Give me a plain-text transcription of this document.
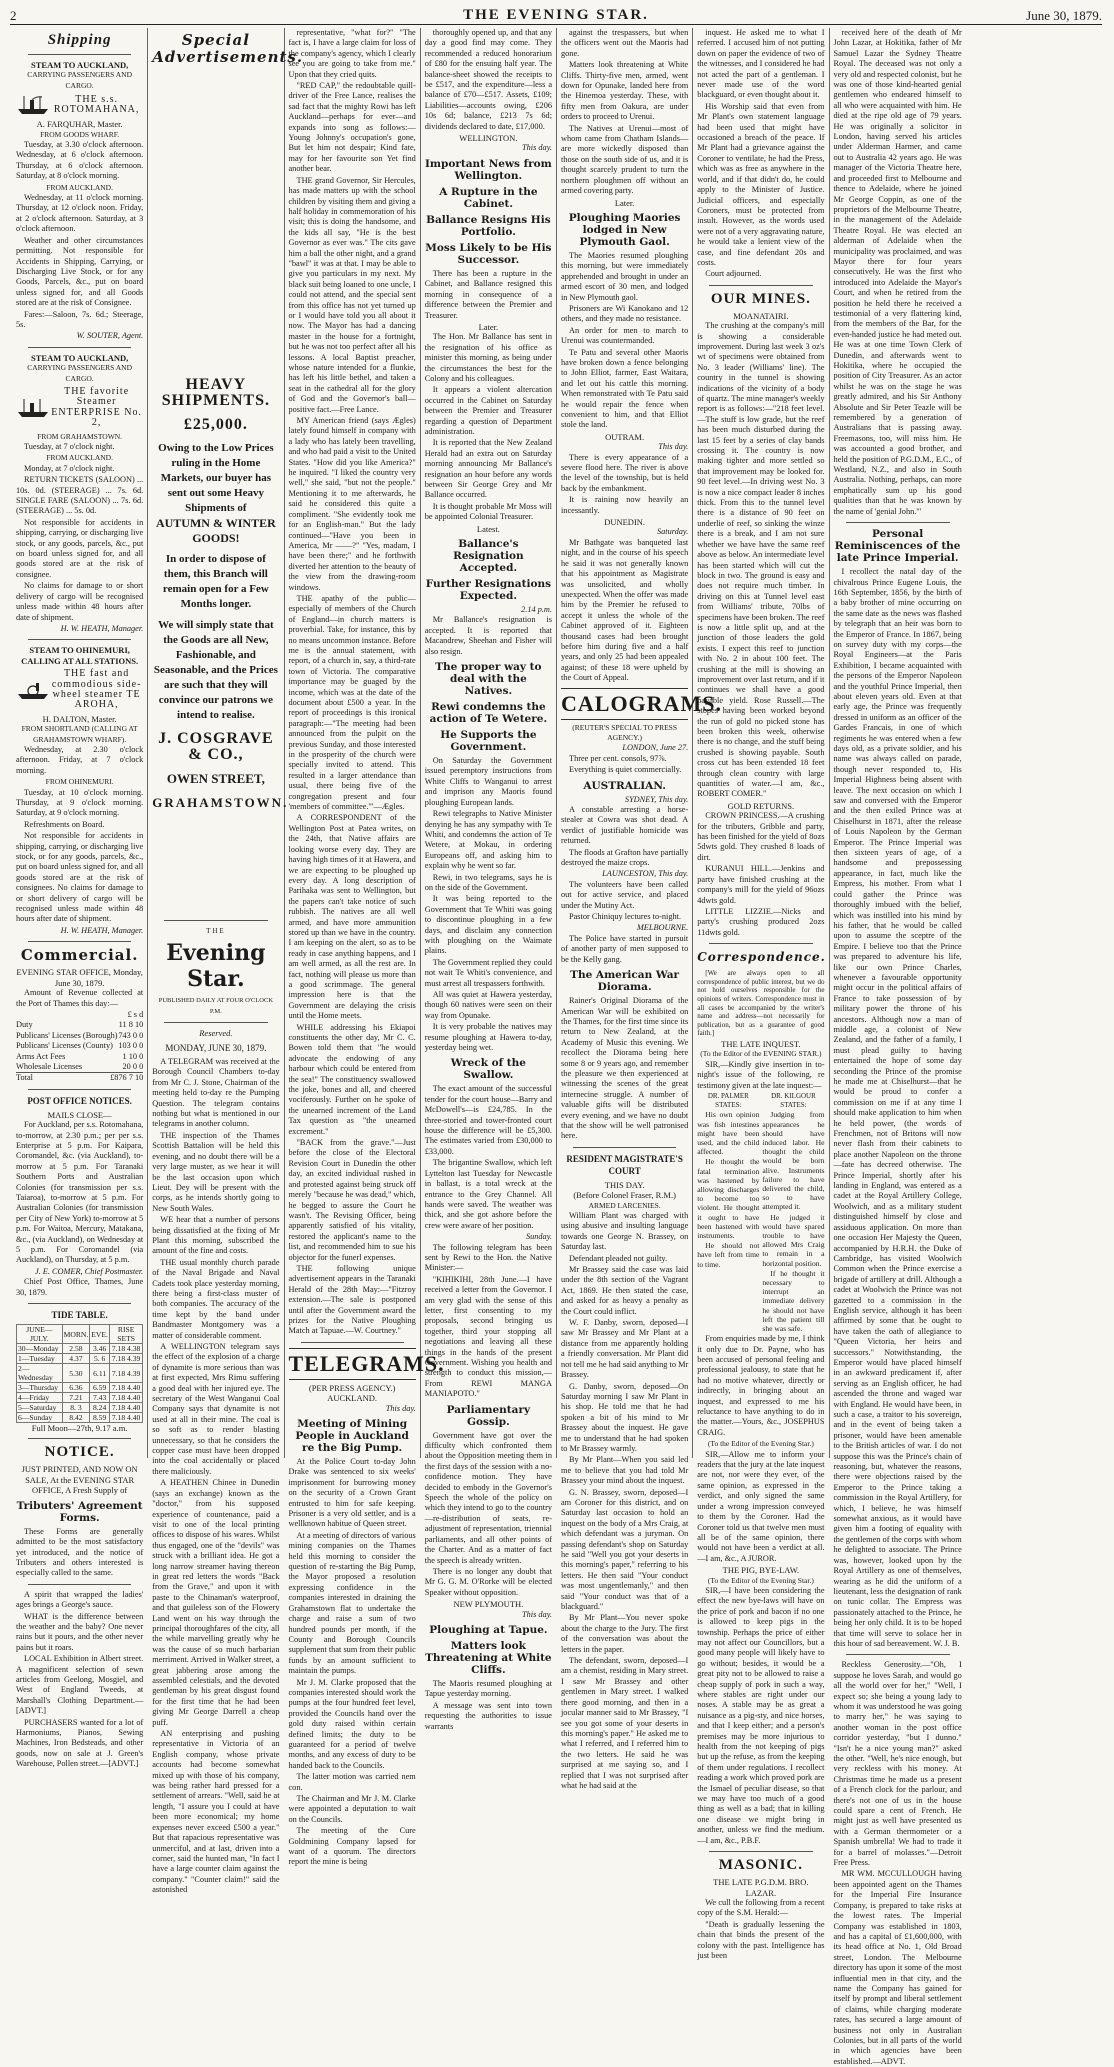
2	THE EVENING STAR.	June 30, 1879.
Shipping
STEAM TO AUCKLAND,
CARRYING PASSENGERS AND CARGO.
THE s.s. ROTOMAHANA,
A. FARQUHAR, Master.
FROM GOODS WHARF.

Tuesday, at 3.30 o'clock afternoon. Wednesday, at 6 o'clock afternoon. Thursday, at 6 o'clock afternoon. Saturday, at 8 o'clock morning.

FROM AUCKLAND.

Wednesday, at 11 o'clock morning. Thursday, at 12 o'clock noon. Friday, at 2 o'clock afternoon. Saturday, at 3 o'clock afternoon.

Weather and other circumstances permitting. Not responsible for Accidents in Shipping, Carrying, or Discharging Live Stock, or for any Goods, Parcels, &c., put on board unless signed for, and all Goods stored are at the risk of Consignee.

Fares:—Saloon, 7s. 6d.; Steerage, 5s.

W. SOUTER, Agent.
STEAM TO AUCKLAND,
CARRYING PASSENGERS AND CARGO.
THE favorite Steamer ENTERPRISE No. 2,
FROM GRAHAMSTOWN.

Tuesday, at 7 o'clock night.

FROM AUCKLAND.

Monday, at 7 o'clock night.

RETURN TICKETS (SALOON) ... 10s. 0d. (STEERAGE) ... 7s. 6d. SINGLE FARE (SALOON) ... 7s. 6d. (STEERAGE) ... 5s. 0d.

Not responsible for accidents in shipping, carrying, or discharging live stock, or any goods, parcels, &c., put on board unless signed for, and all goods stored are at the risk of consignee.

No claims for damage to or short delivery of cargo will be recognised unless made within 48 hours after date of shipment.

H. W. HEATH, Manager.
STEAM TO OHINEMURI, CALLING AT ALL STATIONS.
THE fast and commodious side-wheel steamer TE AROHA,
H. DALTON, Master.
FROM SHORTLAND (CALLING AT GRAHAMSTOWN WHARF).

Wednesday, at 2.30 o'clock afternoon. Friday, at 7 o'clock morning.

FROM OHINEMURI.

Tuesday, at 10 o'clock morning. Thursday, at 9 o'clock morning. Saturday, at 9 o'clock morning.

Refreshments on Board.

Not responsible for accidents in shipping, carrying, or discharging live stock, or for any goods, parcels, &c., put on board unless signed for, and all goods stored are at the risk of consignees. No claims for damage to or short delivery of cargo will be recognised unless made within 48 hours after date of shipment.

H. W. HEATH, Manager.
Commercial.
EVENING STAR OFFICE, Monday, June 30, 1879.

Amount of Revenue collected at the Port of Thames this day:—

£ s d
Duty	11 8 10
Publicans' Licenses (Borough) 743 0 0
Publicans' Licenses (County) 103 0 0
Arms Act Fees	1 10 0
Wholesale Licenses	20 0 0
Total	£876 7 10
POST OFFICE NOTICES.
MAILS CLOSE—

For Auckland, per s.s. Rotomahana, to-morrow, at 2.30 p.m.; per per s.s. Enterprise at 5 p.m. For Kaipara, Coromandel, &c. (via Auckland), to-morrow at 5 p.m. For Taranaki Southern Ports and Australian Colonies (for transmission per s.s. Taiaroa), to-morrow at 5 p.m. For Australian Colonies (for transmission per City of New York) to-morrow at 5 p.m. For Waitoa, Mercury, Matakana, &c., (via Auckland), on Wednesday at 5 p.m. For Coromandel (via Auckland), on Thursday, at 5 p.m.

J. E. COMER, Chief Postmaster.

Chief Post Office, Thames, June 30, 1879.

TIDE TABLE.
JUNE—JULY.	MORN.	EVE.	RISE SETS
30—Monday	2.58	3.46	7.18 4.38
1—Tuesday	4.37	5. 6	7.18 4.39
2—Wednesday	5.30	6.11	7.18 4.39
3—Thursday	6.36	6.59	7.18 4.40
4—Friday	7.21	7.43	7.18 4.40
5—Saturday	8. 3	8.24	7.18 4.40
6—Sunday	8.42	8.59	7.18 4.40
Full Moon—27th, 9.17 a.m.
NOTICE.
JUST PRINTED, AND NOW ON SALE, At the EVENING STAR OFFICE, A Fresh Supply of
Tributers' Agreement Forms.

These Forms are generally admitted to be the most satisfactory yet introduced, and the notice of Tributers and others interested is especially called to the same.

A spirit that wrapped the ladies' ages brings a George's sauce.

WHAT is the difference between the weather and the baby? One never rains but it pours, and the other never pains but it roars.

LOCAL Exhibition in Albert street. A magnificent selection of sewn articles from Geelong, Mosgiel, and West of England Tweeds, at Marshall's Clothing Department.—[ADVT.]

PURCHASERS wanted for a lot of Harmoniums, Pianos, Sewing Machines, Iron Bedsteads, and other goods, now on sale at J. Green's Warehouse, Pollen street.—[ADVT.]

Special Advertisements.
HEAVY SHIPMENTS.
£25,000.
Owing to the Low Prices ruling in the Home Markets, our buyer has sent out some Heavy Shipments of
AUTUMN & WINTER GOODS!
In order to dispose of them, this Branch will remain open for a Few Months longer.
We will simply state that the Goods are all New, Fashionable, and Seasonable, and the Prices are such that they will convince our patrons we intend to realise.
J. COSGRAVE & CO.,
OWEN STREET,
GRAHAMSTOWN.
THE
Evening Star.
PUBLISHED DAILY AT FOUR O'CLOCK P.M.
Reserved.
MONDAY, JUNE 30, 1879.

A TELEGRAM was received at the Borough Council Chambers to-day from Mr C. J. Stone, Chairman of the meeting held to-day re the Pumping Question. The telegram contains nothing but what is mentioned in our telegrams in another column.

THE inspection of the Thames Scottish Battalion will be held this evening, and no doubt there will be a very large muster, as we hear it will be the last occasion upon which Lieut. Dey will be present with the corps, as he intends shortly going to New South Wales.

WE hear that a number of persons being dissatisfied at the fixing of Mr Plant this morning, subscribed the amount of the fine and costs.

THE usual monthly church parade of the Naval Brigade and Naval Cadets took place yesterday morning, there being a first-class muster of both companies. The accuracy of the time kept by the band under Bandmaster Montgomery was a matter of considerable comment.

A WELLINGTON telegram says the effect of the explosion of a charge of dynamite is more serious than was at first expected, Mrs Rimu suffering a good deal with her injured eye. The secretary of the West Wanganui Coal Company says that dynamite is not used at all in their mine. The coal is so soft as to render blasting unnecessary, so that he considers the copper case must have been dropped into the coal accidentally or placed there maliciously.

A HEATHEN Chinee in Dunedin (says an exchange) known as the "doctor," from his supposed experience of countenance, paid a visit to one of the local printing offices to dispose of his wares. Whilst thus engaged, one of the "devils" was struck with a brilliant idea. He got a long narrow streamer having thereon in great red letters the words "Back from the Grave," and upon it with paste to the Chinaman's waterproof, and that guileless son of the Flowery Land went on his way through the principal thoroughfares of the city, all the while marvelling greatly why he was the cause of so much barbarian merriment. Arrived in Walker street, a great jabbering arose among the assembled celestials, and the devoted gentleman by his great disgust found for the first time that he had been giving Mr George Darrell a cheap puff.

AN enterprising and pushing representative in Victoria of an English company, whose private accounts had become somewhat mixed up with those of his company, was being rather hard pressed for a settlement of arrears. "Well, said he at length, "I assure you I could at have been more economical; my home expenses never exceed £500 a year." But that rapacious representative was unmerciful, and at last, driven into a corner, said the hunted man, "In fact I have a large counter claim against the company." "Counter claim!" said the astonished

representative, "what for?" "The fact is, I have a large claim for loss of the company's agency, which I clearly see you are going to take from me." Upon that they cried quits.

"RED CAP," the redoubtable quill-driver of the Free Lance, realises the sad fact that the mighty Rowi has left Auckland—perhaps for ever—and expands into song as follows:— Young Johnny's occupation's gone, But let him not despair; Kind fate, may for her favourite son Yet find another bear.

THE grand Governor, Sir Hercules, has made matters up with the school children by visiting them and giving a half holiday in commemoration of his visit; this is doing the handsome, and the kids all say, "He is the best Governor as ever was." The cits gave him a ball the other night, and a grand "bawl" it was at that. I may be able to give you particulars in my next. My black suit being loaned to one uncle, I could not attend, and the special sent from this office has not yet turned up or I would have told you all about it now. The Mayor has had a dancing master in the house for a fortnight, but he was not too perfect after all his lessons. A local Baptist preacher, whose nature intended for a flunkie, has left his little bethel, and taken a seat in the cathedral all for the glory of God and the Governor's ball—positive fact.—Free Lance.

MY American friend (says Ægles) lately found himself in company with a lady who has lately been travelling, and who had paid a visit to the United States. "How did you like America?" he inquired. "I liked the country very well," she said, "but not the people." Mentioning it to me afterwards, he said he considered this quite a compliment. "She evidently took me for an English-man." But the lady continued—"Have you been in America, Mr ——?" "Yes, madam, I have been there;" and he forthwith diverted her attention to the beauty of the view from the drawing-room windows.

THE apathy of the public—especially of members of the Church of England—in church matters is proverbial. Take, for instance, this by no means uncommon instance. Before me is the annual statement, with report, of a church in, say, a third-rate town of Victoria. The comparative importance may be guaged by the income, which was at the date of the document about £500 a year. In the report of proceedings is this ironical paragraph:—"The meeting had been announced from the pulpit on the previous Sunday, and those interested in the prosperity of the church were specially invited to attend. This resulted in a larger attendance than usual, there being five of the congregation present and four 'members of committee.'"—Ægles.

A CORRESPONDENT of the Wellington Post at Patea writes, on the 24th, that Native affairs are looking worse every day. They are having high times of it at Hawera, and we are expecting to be ploughed up every day. A long description of Parihaka was sent to Wellington, but the papers can't take notice of such rubbish. The natives are all well armed, and have more ammunition stored up than we have in the country. I am keeping on the alert, so as to be ready in case anything happens, and I am well armed, as all the rest are. In fact, nothing will please us more than a good scrimmage. The general impression here is that the Government are delaying the crisis until the Home meets.

WHILE addressing his Ekiapoi constituents the other day, Mr C. C. Bowen told them that "he would advocate the endowing of any harbour which could be entered from the sea!" The constituency swallowed the joke, bones and all, and cheered vociferously. Further on he spoke of the unearned increment of the Land Tax question as "the unearned excrement."

"BACK from the grave."—Just before the close of the Electoral Revision Court in Dunedin the other day, an excited individual rushed in and protested against being struck off merely "because he was dead," which, he begged to assure the Court he wasn't. The Revising Officer, being apparently satisfied of his vitality, restored the applicant's name to the list, and recommended him to sue his objector for the funerl expenses.

THE following unique advertisement appears in the Taranaki Herald of the 28th May:—"Fitzroy extension.—The sale is postponed until after the Government award the prizes for the Native Ploughing Match at Tapuae.—W. Courtney."

TELEGRAMS.
(PER PRESS AGENCY.)
AUCKLAND.
This day.
Meeting of Mining People in Auckland re the Big Pump.

At the Police Court to-day John Drake was sentenced to six weeks' imprisonment for burrowing money on the security of a Crown Grant entrusted to him for safe keeping. Prisoner is a very old settler, and is a wellknown habitue of Queen street.

At a meeting of directors of various mining companies on the Thames held this morning to consider the question of re-starting the Big Pump, the Mayor proposed a resolution expressing confidence in the companies interested in draining the Grahamstown flat to undertake the charge and raise a sum of two hundred pounds per month, if the County and Borough Councils supplement that sum from their public funds by an amount sufficient to maintain the pumps.

Mr J. M. Clarke proposed that the companies interested should work the pumps at the four hundred feet level, provided the Councils hand over the gold duty raised within certain defined limits; the duty to be guaranteed for a period of twelve months, and any excess of duty to be handed back to the Councils.

The latter motion was carried nem con.

The Chairman and Mr J. M. Clarke were appointed a deputation to wait on the Councils.

The meeting of the Cure Goldmining Company lapsed for want of a quorum. The directors report the mine is being

thoroughly opened up, and that any day a good find may come. They recommended a reduced honorarium of £80 for the ensuing half year. The balance-sheet showed the receipts to be £517, and the expenditure—less a balance of £70—£517. Assets, £109; Liabilities—accounts owing, £206 10s 6d; balance, £213 7s 6d; dividends declared to date, £17,000.

WELLINGTON.
This day.
Important News from Wellington.
A Rupture in the Cabinet.
Ballance Resigns His Portfolio.
Moss Likely to be His Successor.

There has been a rupture in the Cabinet, and Ballance resigned this morning in consequence of a difference between the Premier and Treasurer.

Later.

The Hon. Mr Ballance has sent in the resignation of his office as minister this morning, as being under the circumstances the best for the Colony and his colleagues.

It appears a violent altercation occurred in the Cabinet on Saturday between the Premier and Treasurer regarding a question of Department administration.

It is reported that the New Zealand Herald had an extra out on Saturday morning announcing Mr Ballance's resignation an hour before any words between Sir George Grey and Mr Ballance occurred.

It is thought probable Mr Moss will be appointed Colonial Treasurer.

Latest.
Ballance's Resignation Accepted.
Further Resignations Expected.
2.14 p.m.

Mr Ballance's resignation is accepted. It is reported that Macandrew, Sheehan and Fisher will also resign.

The proper way to deal with the Natives.
Rewi condemns the action of Te Wetere.
He Supports the Government.

On Saturday the Government issued peremptory instructions from White Cliffs to Wanganui to arrest and imprison any Maoris found ploughing European lands.

Rewi telegraphs to Native Minister denying he has any sympathy with Te Whiti, and condemns the action of Te Wetere, at Mokau, in ordering Europeans off, and asking him to explain why he went so far.

Rewi, in two telegrams, says he is on the side of the Government.

It was being reported to the Government that Te Whiti was going to discontinue ploughing in a few days, and disclaim any connection with ploughing on the Waimate plains.

The Government replied they could not wait Te Whiti's convenience, and must arrest all trespassers forthwith.

All was quiet at Hawera yesterday, though 60 natives were seen on their way from Opunake.

It is very probable the natives may resume ploughing at Hawera to-day, yesterday being wet.

Wreck of the Swallow.

The exact amount of the successful tender for the court house—Barry and McDowell's—is £24,785. In the three-storied and tower-fronted court house the difference will be £5,300. The estimates varied from £30,000 to £33,000.

The brigantine Swallow, which left Lyttelton last Tuesday for Newcastle in ballast, is a total wreck at the entrance to the Grey Channel. All hands were saved. The weather was thick, and she got ashore before the crew were aware of her position.

Sunday.

The following telegram has been sent by Rewi to the Hon. the Native Minister:—

"KIHIKIHI, 28th June.—I have received a letter from the Governor. I am very glad with the sense of this letter, first consenting to my proposals, second bringing us together, third your stopping all negotiations and leaving all these things in the hands of the present Government. Wishing you health and strength to conduct this mission,—From REWI MANGA MANIAPOTO."

Parliamentary Gossip.

Government have got over the difficulty which confronted them about the Opposition meeting them in the first days of the session with a no-confidence motion. They have decided to embody in the Governor's Speech the whole of the policy on which they intend to go to the country—re-distribution of seats, re-adjustment of representation, triennial parliaments, and all other points of the Charter. And as a matter of fact the speech is already written.

There is no longer any doubt that Mr G. G. M. O'Rorke will be elected Speaker without opposition.

NEW PLYMOUTH.
This day.
Ploughing at Tapue.
Matters look Threatening at White Cliffs.

The Maoris resumed ploughing at Tapue yesterday morning.

A message was sent into town requesting the authorities to issue warrants

against the trespassers, but when the officers went out the Maoris had gone.

Matters look threatening at White Cliffs. Thirty-five men, armed, went down for Opunake, landed here from the Hinemoa yesterday. These, with fifty men from Oakura, are under orders to proceed to Urenui.

The Natives at Urenui—most of whom came from Chatham Islands—are more wickedly disposed than those on the south side of us, and it is thought scarcely prudent to turn the northern ploughmen off without an armed covering party.

Later.
Ploughing Maories lodged in New Plymouth Gaol.

The Maories resumed ploughing this morning, but were immediately apprehended and brought in under an armed escort of 30 men, and lodged in New Plymouth gaol.

Prisoners are Wi Kanokano and 12 others, and they made no resistance.

An order for men to march to Urenui was countermanded.

Te Patu and several other Maoris have broken down a fence belonging to John Elliot, farmer, East Waitara, and let out his cattle this morning. When remonstrated with Te Patu said he would repair the fence when convenient to him, and that Elliot stole the land.

OUTRAM.
This day.

There is every appearance of a severe flood here. The river is above the level of the township, but is held back by the embankment.

It is raining now heavily an incessantly.

DUNEDIN.
Saturday.

Mr Bathgate was banqueted last night, and in the course of his speech he said it was not generally known that his appointment as Magistrate was unsolicited, and wholly unexpected. When the offer was made him by the Premier he refused to accept it unless the whole of the Cabinet approved of it. Eighteen thousand cases had been brought before him during five and a half years, and only 25 had been appealed against; of these 18 were upheld by the Court of Appeal.

CALOGRAMS.
(REUTER'S SPECIAL TO PRESS AGENCY.)
LONDON, June 27.

Three per cent. consols, 97⅞.

Everything is quiet commercially.

AUSTRALIAN.
SYDNEY, This day.

A constable arresting a horse-stealer at Cowra was shot dead. A verdict of justifiable homicide was returned.

The floods at Grafton have partially destroyed the maize crops.

LAUNCESTON, This day.

The volunteers have been called out for active service, and placed under the Mutiny Act.

Pastor Chiniquy lectures to-night.

MELBOURNE.

The Police have started in pursuit of another party of men supposed to be the Kelly gang.

The American War Diorama.

Rainer's Original Diorama of the American War will be exhibited on the Thames, for the first time since its return to New Zealand, at the Academy of Music this evening. We recollect the Diorama being here some 8 or 9 years ago, and remember the pleasure we then experienced at witnessing the scenes of the great internecine struggle. A number of valuable gifts will be distributed every evening, and we have no doubt that the show will be well patronised here.

RESIDENT MAGISTRATE'S COURT
THIS DAY.
(Before Colonel Fraser, R.M.)
ARMED LARCENIES.

William Plant was charged with using abusive and insulting language towards one George N. Brassey, on Saturday last.

Defendant pleaded not guilty.

Mr Brassey said the case was laid under the 8th section of the Vagrant Act, 1869. He then stated the case, and asked for as heavy a penalty as the Court could inflict.

W. F. Danby, sworn, deposed—I saw Mr Brassey and Mr Plant at a distance from me apparently holding a friendly conversation. Mr Plant did not tell me he had said anything to Mr Brassey.

G. Danby, sworn, deposed—On Saturday morning I saw Mr Plant in his shop. He told me that he had spoken a bit of his mind to Mr Brassey about the inquest. He gave me to understand that he had spoken to Mr Brassey warmly.

By Mr Plant—When you said led me to believe that you had told Mr Brassey your mind about the inquest.

G. N. Brassey, sworn, deposed—I am Coroner for this district, and on Saturday last occasion to hold an inquest on the body of a Mrs Craig, at which defendant was a juryman. On passing defendant's shop on Saturday he said "Well you got your deserts in this morning's paper," referring to his letters. He then said "Your conduct was most ungentlemanly," and then said "Your conduct was that of a blackguard."

By Mr Plant—You never spoke about the charge to the Jury. The first of the conversation was about the letters in the paper.

The defendant, sworn, deposed—I am a chemist, residing in Mary street. I saw Mr Brassey and other gentlemen in Mary street. I walked there good morning, and then in a jocular manner said to Mr Brassey, "I see you got some of your deserts in this morning's paper." He asked me to what I referred, and I referred him to the two letters. He said he was surprised at me saying so, and I replied that I was not surprised after what he had said at the

inquest. He asked me to what I referred. I accused him of not putting down on paper the evidence of two of the witnesses, and I considered he had not acted the part of a gentleman. I never made use of the word blackguard, or even thought about it.

His Worship said that even from Mr Plant's own statement language had been used that might have occasioned a breach of the peace. If Mr Plant had a grievance against the Coroner to ventilate, he had the Press, which was as free as anywhere in the world, and if that didn't do, he could apply to the Minister of Justice. Judicial officers, and especially Coroners, must be protected from insult. However, as the words used were not of a very aggravating nature, he would take a lenient view of the case, and fine defendant 20s and costs.

Court adjourned.

OUR MINES.
MOANATAIRI.

The crushing at the company's mill is showing a considerable improvement. During last week 3 oz's wt of specimens were obtained from No. 3 leader (Williams' line). The country in the tunnel is showing indications of the vicinity of a body of quartz. The mine manager's weekly report is as follows:—"218 feet level.—The stuff is low grade, but the reef has been much disturbed during the last 15 feet by a series of clay bands crossing it. The country is now making tighter and more settled so that improvement may be looked for. 90 feet level.—In driving west No. 3 is now a nice compact leader 8 inches thick. From this to the tunnel level there is a distance of 90 feet on underlie of reef, so sinking the winze there is a break, and I am not sure whether we have have the same reef above as below. An intermediate level has been started which will cut the block in two. The ground is easy and does not require much timber. In driving on this at Tunnel level east from Williams' tribute, 70lbs of specimens have been broken. The reef is now a little split up, and at the junction of those leaders the gold exists. I expect this reef to junction with No. 2 in about 100 feet. The crushing at the mill is showing an improvement over last return, and if it continues we shall have a good payable yield. Rose Russell.—The stopes having been worked beyond the run of gold no picked stone has been broken this week, otherwise there is no change, and the stuff being crushed is showing payable. South cross cut has been extended 18 feet through clean country with large quantities of water.—I am, &c., ROBERT COMER."

GOLD RETURNS.

CROWN PRINCESS.—A crushing for the tributers, Gribble and party, has been finished for the yield of 8ozs 5dwts gold. They crushed 8 loads of dirt.

KURANUI HILL.—Jenkins and party have finished crushing at the company's mill for the yield of 96ozs 4dwts gold.

LITTLE LIZZIE.—Nicks and party's crushing produced 2ozs 11dwts gold.

Correspondence.

[We are always open to all correspondence of public interest, but we do not hold ourselves responsible for the opinions of writers. Correspondence must in all cases be accompanied by the writer's name and address—not necessarily for publication, but as a guarantee of good faith.]

THE LATE INQUEST.
(To the Editor of the EVENING STAR.)

SIR,—Kindly give insertion in to-night's issue of the following, re testimony given at the late inquest:—

DR. PALMER STATES:

His own opinion was fish intestines might have been used, and the child affected.

He thought the fatal termination was hastened by allowing discharges to become too violent. He thought it ought to have been hastened with instruments.

He should not have left from time to time.

DR. KILGOUR STATES:

Judging from appearances he should have induced labor. He thought the child would be born alive. Instruments failure to have delivered the child, so to have attempted it.

He judged it would have spared trouble to have allowed Mrs Craig to remain in a horizontal position.

If he thought it necessary to interrupt an immediate delivery he should not have left the patient till she was safe.

From enquiries made by me, I think it only due to Dr. Payne, who has been accused of personal feeling and professional jealousy, to state that he had no motive whatever, directly or indirectly, in bringing about an inquest, and expressed to me his reluctance to have anything to do in the matter.—Yours, &c., JOSEPHUS CRAIG.

(To the Editor of the Evening Star.)

SIR,—Allow me to inform your readers that the jury at the late inquest are not, nor were they ever, of the same opinion, as expressed in the verdict, and only signed the same under a wrong impression conveyed to them by the Coroner. Had the Coroner told us that twelve men must all be of the same opinion, there would not have been a verdict at all.—I am, &c., A JUROR.

THE PIG, BYE-LAW.
(To the Editor of the Evening Star.)

SIR,—I have been considering the effect the new bye-laws will have on the price of pork and bacon if no one is allowed to keep pigs in the township. Perhaps the price of either may not affect our Councillors, but a good many people will likely have to go without; besides, it would be a great pity not to be allowed to raise a cheap supply of pork in such a way, where stables are right under our noses. A stable may be as great a nuisance as a pig-sty, and nice horses, and that I keep either; and a person's premises may be more injurious to health from the not keeping of pigs but up the refuse, as from the keeping of them under regulations. I recollect reading a work which proved pork are the Ismael of peculiar disease, so that we may have too much of a good thing as well as a bad; that in killing one disease we might bring in another, unless we find the medium.—I am, &c., P.B.F.

MASONIC.
THE LATE P.G.D.M. BRO. LAZAR.

We cull the following from a recent copy of the S.M. Herald:—

"Death is gradually lessening the chain that binds the present of the colony with the past. Intelligence has just been

received here of the death of Mr John Lazar, at Hokitika, father of Mr Samuel Lazar the Sydney Theatre Royal. The deceased was not only a very old and respected colonist, but he was one of those kind-hearted genial gentlemen who endeared himself to all who were acquainted with him. He died at the ripe old age of 79 years. He was originally a solicitor in London, having served his articles under Alderman Harmer, and came out to Australia 42 years ago. He was manager of the Victoria Theatre here, and proceeded first to Melbourne and thence to Adelaide, where he joined Mr George Coppin, as one of the proprietors of the Melbourne Theatre, in the management of the Adelaide Theatre Royal. He was elected an alderman of Adelaide when the municipality was proclaimed, and was Mayor there for four years consecutively. He was the first who introduced into Adelaide the Mayor's Court, and when he retired from the position he held there he received a testimonial of a very flattering kind, from the members of the Bar, for the even-handed justice he had meted out. He was at one time Town Clerk of Dunedin, and afterwards went to Hokitika, where he occupied the position of City Treasurer. As an actor whilst he was on the stage he was greatly admired, and his Sir Anthony Absolute and Sir Peter Teazle will be remembered by a generation of Australians that is passing away. Freemasons, too, will miss him. He was accounted a good brother, and held the position of P.G.D.M., E.C., of Westland, N.Z., and also in South Australia. Nothing, perhaps, can more emphatically sum up his good qualities than that he was known by the name of 'genial John.'"

Personal Reminiscences of the late Prince Imperial.

I recollect the natal day of the chivalrous Prince Eugene Louis, the 16th September, 1856, by the birth of a baby brother of mine occurring on the same date as the news was flashed by telegraph that an heir was born to the Emperor of France. In 1867, being on survey duty with my corps—the Royal Engineers—at the Paris Exhibition, I became acquainted with the persons of the Emperor Napoleon and the youthful Prince Imperial, then about eleven years old. Even at that early age, the Prince was frequently dressed in uniform as an officer of the Gardes Francais, in one of which regiments he was entered when a few days old, as a private soldier, and his name was always called on parade, though never responded to, His Imperial Highness being absent with leave. The next occasion on which I saw and conversed with the Emperor and the then exiled Prince was at Chiselhurst in 1871, after the release of Louis Napoleon by the German Emperor. The Prince Imperial was then sixteen years of age, of a handsome and prepossessing appearance, in fact, much like the Empress, his mother. From what I could gather the Prince was thoroughly imbued with the belief, which was instilled into his mind by his father, that he would be called upon to assume the sceptre of the Empire. I believe too that the Prince was prepared to adventure his life, like our own Prince Charles, whenever a favourable opportunity might occur in the political affairs of France to take possession of by military power the throne of his ancestors. Although now a man of middle age, a colonist of New Zealand, and the father of a family, I must plead guilty to having entertained the hope of some day seconding the Prince of the promise he made me at Chiselhurst—that he would be proud to confer a commission on me if at any time I should make application to him when he held power, (the words of Frenchmen, not of Britons will now never flash from their cabinets to place another Napoleon on the throne—fate has decreed otherwise. The Prince Imperial, shortly after his landing in England, was entered as a cadet at the Royal Artillery College, Woolwich, and as a military student distinguished himself by close and assiduous application. On more than one occasion Her Majesty the Queen, accompanied by H.R.H. the Duke of Cambridge, has visited Woolwich Common when the Prince exercise a brigade of artillery at drill. Although a cadet at Woolwich the Prince was not gazetted to a commission in the English service, although it has been affirmed by some that he ought to have taken the oath of allegiance to "Queen Victoria, her heirs and successors." Notwithstanding, the Emperor would have placed himself in an awkward predicament if, after serving as an English officer, he had ascended the throne and waged war with England. He would have been, in such a case, a traitor to his sovereign, and in the event of being taken a prisoner, would have been amenable to the British articles of war. I do not suppose this was the Prince's chain of reasoning, but, whatever the reasons, there were objections raised by the Emperor to the Prince taking a commission in the Royal Artillery, for which, I believe, he was himself somewhat anxious, as it would have given him a footing of equality with the gentlemen of the corps with whom he delighted to associate. The Prince was, however, looked upon by the Royal Artillery as one of themselves, wearing as he did the uniform of a lieutenant, less the designation of rank on tunic collar. The Empress was passionately attached to the Prince, he being her only child. It is to be hoped that time will serve to solace her in this hour of sad bereavement. W. J. B.

Reckless Generosity.—"Oh, I suppose he loves Sarah, and would go all the world over for her," "Well, I expect so; she being a young lady to whom it was understood he was going to marry her," he was saying to another woman in the post office corridor yesterday, "but I dunno." "Isn't he a nice young man?" asked the other. "Well, he's nice enough, but very reckless with his money. At Christmas time he made us a present of a French clock for the parlour, and there's not one of us in the house could spare a cent of French. He might just as well have presented us with a German thermometer or a Spanish umbrella! We had to trade it for a barrel of molasses."—Detroit Free Press.

MR WM. MCCULLOUGH having been appointed agent on the Thames for the Imperial Fire Insurance Company, is prepared to take risks at the lowest rates. The Imperial Company was established in 1803, and has a capital of £1,600,000, with its head office at No. 1, Old Broad street, London. The Melbourne directory has upon it some of the most influential men in that city, and the name the Company has gained for itself by prompt and liberal settlement of claims, while charging moderate rates, has secured a large amount of business not only in Australian Colonies, but in all parts of the world in which agencies have been established.—ADVT.
